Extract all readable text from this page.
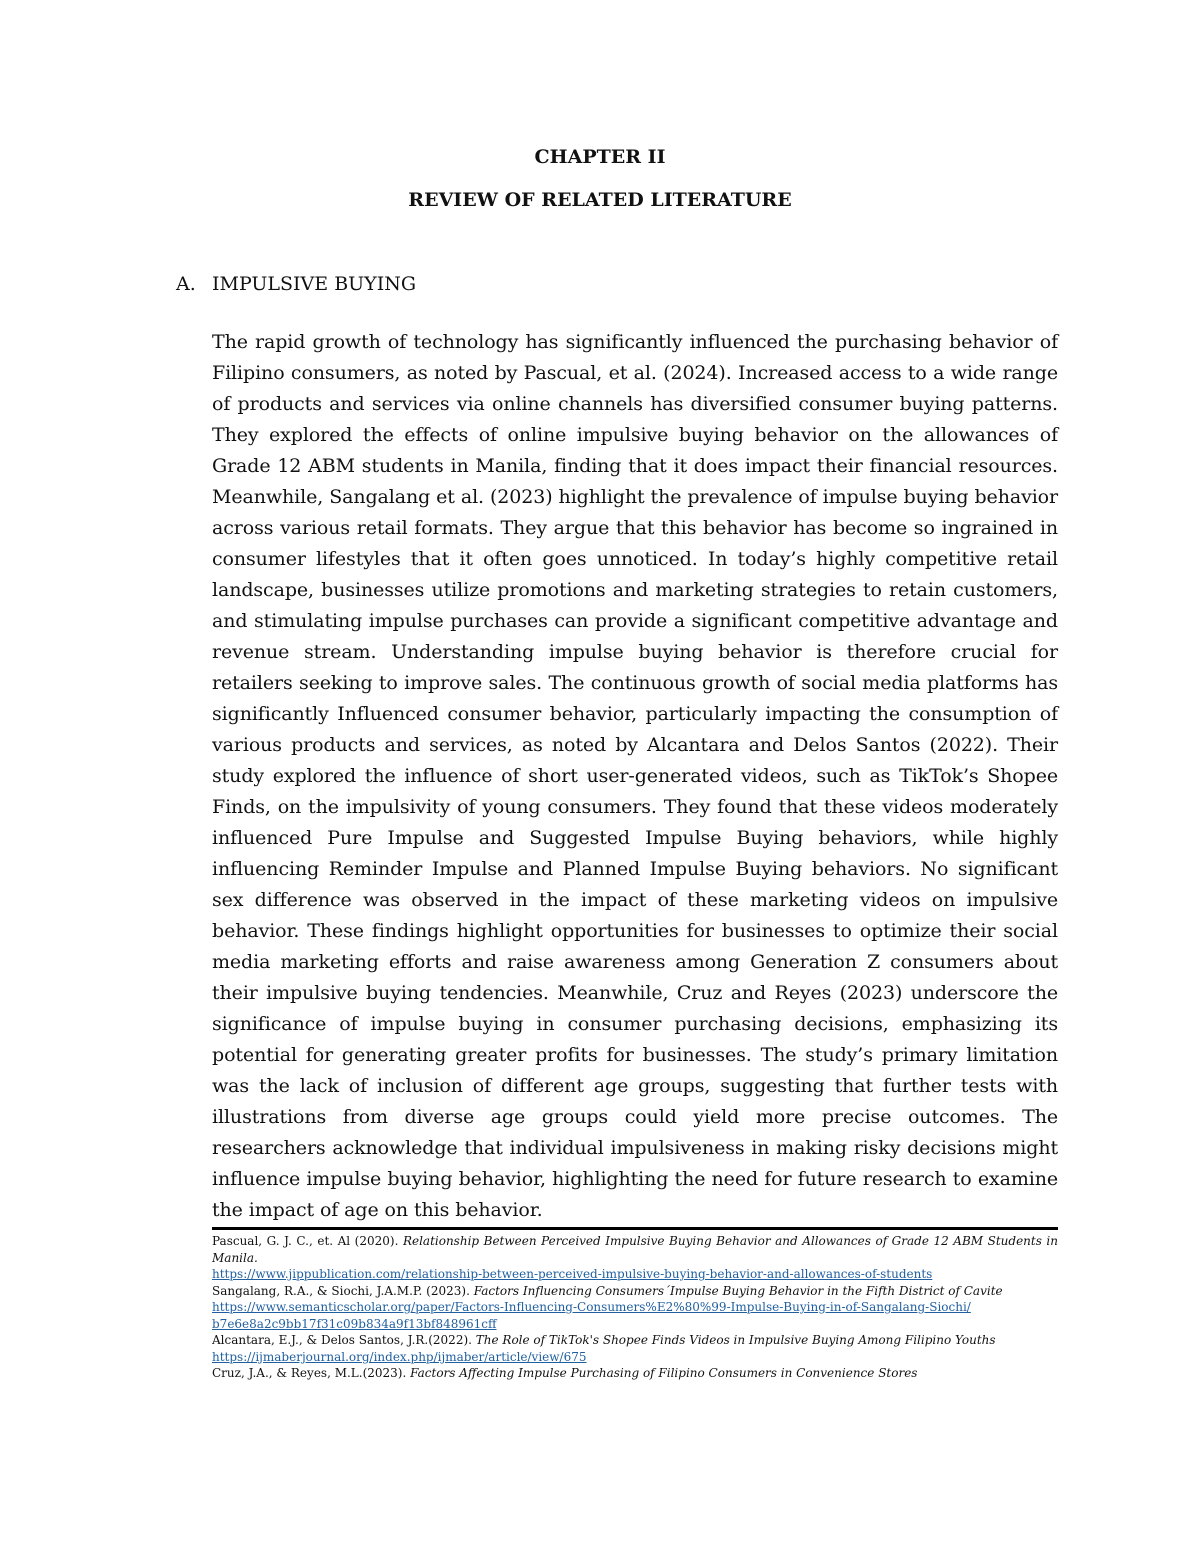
CHAPTER II
REVIEW OF RELATED LITERATURE
A. IMPULSIVE BUYING

The rapid growth of technology has significantly influenced the purchasing behavior of Filipino consumers, as noted by Pascual, et al. (2024). Increased access to a wide range of products and services via online channels has diversified consumer buying patterns. They explored the effects of online impulsive buying behavior on the allowances of Grade 12 ABM students in Manila, finding that it does impact their financial resources. Meanwhile, Sangalang et al. (2023) highlight the prevalence of impulse buying behavior across various retail formats. They argue that this behavior has become so ingrained in consumer lifestyles that it often goes unnoticed. In today’s highly competitive retail landscape, businesses utilize promotions and marketing strategies to retain customers, and stimulating impulse purchases can provide a significant competitive advantage and revenue stream. Understanding impulse buying behavior is therefore crucial for retailers seeking to improve sales. The continuous growth of social media platforms has significantly Influenced consumer behavior, particularly impacting the consumption of various products and services, as noted by Alcantara and Delos Santos (2022). Their study explored the influence of short user-generated videos, such as TikTok’s Shopee Finds, on the impulsivity of young consumers. They found that these videos moderately influenced Pure Impulse and Suggested Impulse Buying behaviors, while highly influencing Reminder Impulse and Planned Impulse Buying behaviors. No significant sex difference was observed in the impact of these marketing videos on impulsive behavior. These findings highlight opportunities for businesses to optimize their social media marketing efforts and raise awareness among Generation Z consumers about their impulsive buying tendencies. Meanwhile, Cruz and Reyes (2023) underscore the significance of impulse buying in consumer purchasing decisions, emphasizing its potential for generating greater profits for businesses. The study’s primary limitation was the lack of inclusion of different age groups, suggesting that further tests with illustrations from diverse age groups could yield more precise outcomes. The researchers acknowledge that individual impulsiveness in making risky decisions might influence impulse buying behavior, highlighting the need for future research to examine the impact of age on this behavior.

Pascual, G. J. C., et. Al (2020). Relationship Between Perceived Impulsive Buying Behavior and Allowances of Grade 12 ABM Students in Manila.
https://www.jippublication.com/relationship-between-perceived-impulsive-buying-behavior-and-allowances-of-students
Sangalang, R.A., & Siochi, J.A.M.P. (2023). Factors Influencing Consumers´Impulse Buying Behavior in the Fifth District of Cavite
https://www.semanticscholar.org/paper/Factors-Influencing-Consumers%E2%80%99-Impulse-Buying-in-of-Sangalang-Siochi/
b7e6e8a2c9bb17f31c09b834a9f13bf848961cff
Alcantara, E.J., & Delos Santos, J.R.(2022). The Role of TikTok's Shopee Finds Videos in Impulsive Buying Among Filipino Youths
https://ijmaberjournal.org/index.php/ijmaber/article/view/675
Cruz, J.A., & Reyes, M.L.(2023). Factors Affecting Impulse Purchasing of Filipino Consumers in Convenience Stores
